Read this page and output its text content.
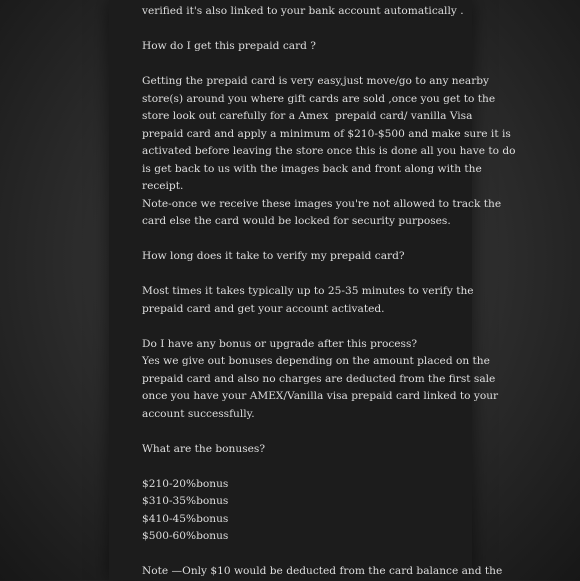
verified it's also linked to your bank account automatically .
How do I get this prepaid card ?
Getting the prepaid card is very easy,just move/go to any nearby
store(s) around you where gift cards are sold ,once you get to the
store look out carefully for a Amex  prepaid card/ vanilla Visa
prepaid card and apply a minimum of $210-$500 and make sure it is
activated before leaving the store once this is done all you have to do
is get back to us with the images back and front along with the
receipt.
Note-once we receive these images you're not allowed to track the
card else the card would be locked for security purposes.
How long does it take to verify my prepaid card?
Most times it takes typically up to 25-35 minutes to verify the
prepaid card and get your account activated.
Do I have any bonus or upgrade after this process?
Yes we give out bonuses depending on the amount placed on the
prepaid card and also no charges are deducted from the first sale
once you have your AMEX/Vanilla visa prepaid card linked to your
account successfully.
What are the bonuses?
$210-20%bonus
$310-35%bonus
$410-45%bonus
$500-60%bonus
Note —Only $10 would be deducted from the card balance and the
